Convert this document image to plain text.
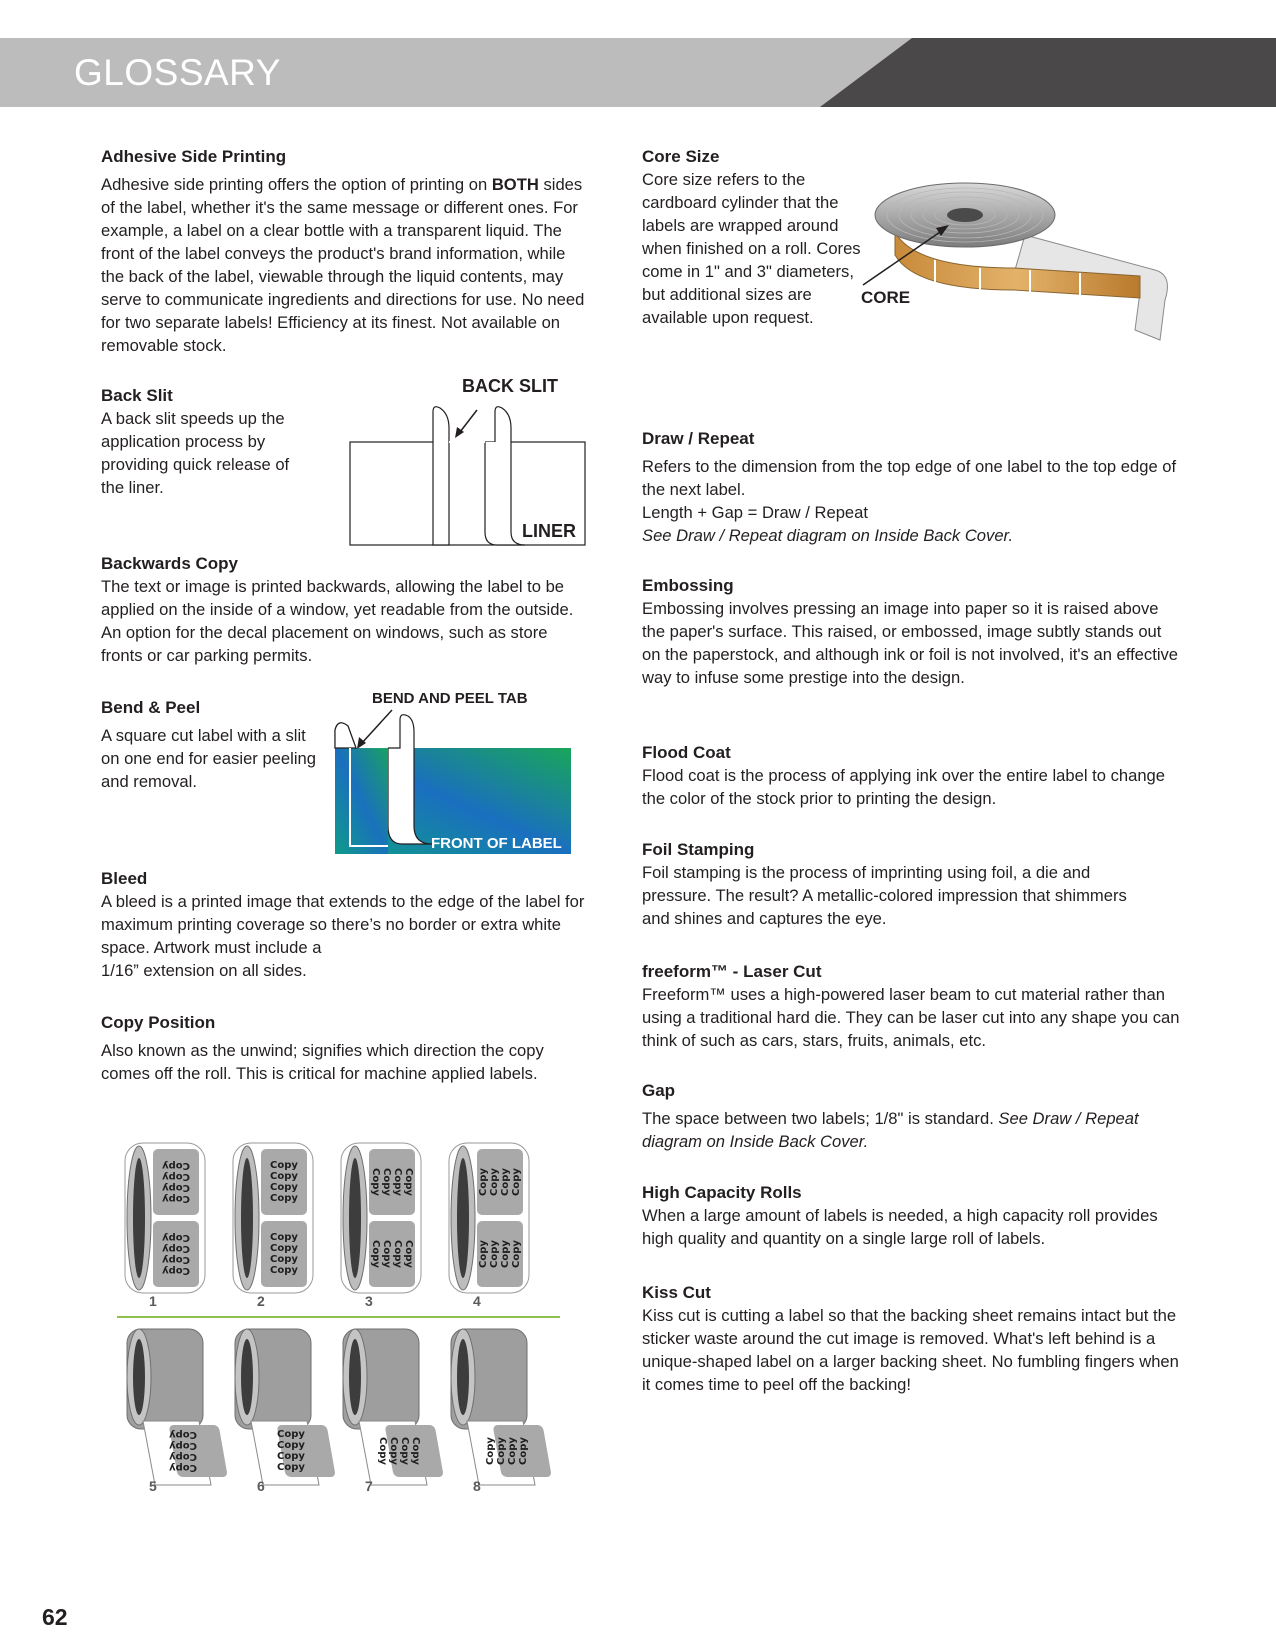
GLOSSARY

Adhesive Side Printing

Adhesive side printing offers the option of printing on BOTH sides of the label, whether it's the same message or different ones. For example, a label on a clear bottle with a transparent liquid. The front of the label conveys the product's brand information, while the back of the label, viewable through the liquid contents, may serve to communicate ingredients and directions for use. No need for two separate labels! Efficiency at its finest. Not available on removable stock.

Back Slit

A back slit speeds up the application process by providing quick release of the liner.

BACK SLIT
LINER

Backwards Copy

The text or image is printed backwards, allowing the label to be applied on the inside of a window, yet readable from the outside. An option for the decal placement on windows, such as store fronts or car parking permits.

Bend & Peel

A square cut label with a slit on one end for easier peeling and removal.

BEND AND PEEL TAB
FRONT OF LABEL

Bleed

A bleed is a printed image that extends to the edge of the label for maximum printing coverage so there’s no border or extra white space. Artwork must include a

1/16” extension on all sides.

Copy Position

Also known as the unwind; signifies which direction the copy comes off the roll. This is critical for machine applied labels.

Copy
Copy
Copy
Copy
Copy
Copy
Copy
Copy
1
Copy
Copy
Copy
Copy
Copy
Copy
Copy
Copy
2
Copy
Copy
Copy
Copy
Copy
Copy
Copy
Copy
3
Copy Copy Copy Copy
Copy Copy Copy Copy
4
Copy
Copy
Copy
Copy
5
Copy
Copy
Copy
Copy
6
Copy
Copy
Copy
Copy
7
Copy Copy Copy Copy
8

Core Size

Core size refers to the cardboard cylinder that the labels are wrapped around when finished on a roll. Cores come in 1" and 3" diameters, but additional sizes are available upon request.

CORE

Draw / Repeat

Refers to the dimension from the top edge of one label to the top edge of the next label.

Length + Gap = Draw / Repeat

See Draw / Repeat diagram on Inside Back Cover.

Embossing

Embossing involves pressing an image into paper so it is raised above the paper's surface. This raised, or embossed, image subtly stands out on the paperstock, and although ink or foil is not involved, it's an effective way to infuse some prestige into the design.

Flood Coat

Flood coat is the process of applying ink over the entire label to change the color of the stock prior to printing the design.

Foil Stamping

Foil stamping is the process of imprinting using foil, a die and pressure. The result? A metallic-colored impression that shimmers and shines and captures the eye.

freeform™ - Laser Cut

Freeform™ uses a high-powered laser beam to cut material rather than using a traditional hard die. They can be laser cut into any shape you can think of such as cars, stars, fruits, animals, etc.

Gap

The space between two labels; 1/8" is standard. See Draw / Repeat diagram on Inside Back Cover.

High Capacity Rolls

When a large amount of labels is needed, a high capacity roll provides high quality and quantity on a single large roll of labels.

Kiss Cut

Kiss cut is cutting a label so that the backing sheet remains intact but the sticker waste around the cut image is removed. What's left behind is a unique-shaped label on a larger backing sheet. No fumbling fingers when it comes time to peel off the backing!

62
